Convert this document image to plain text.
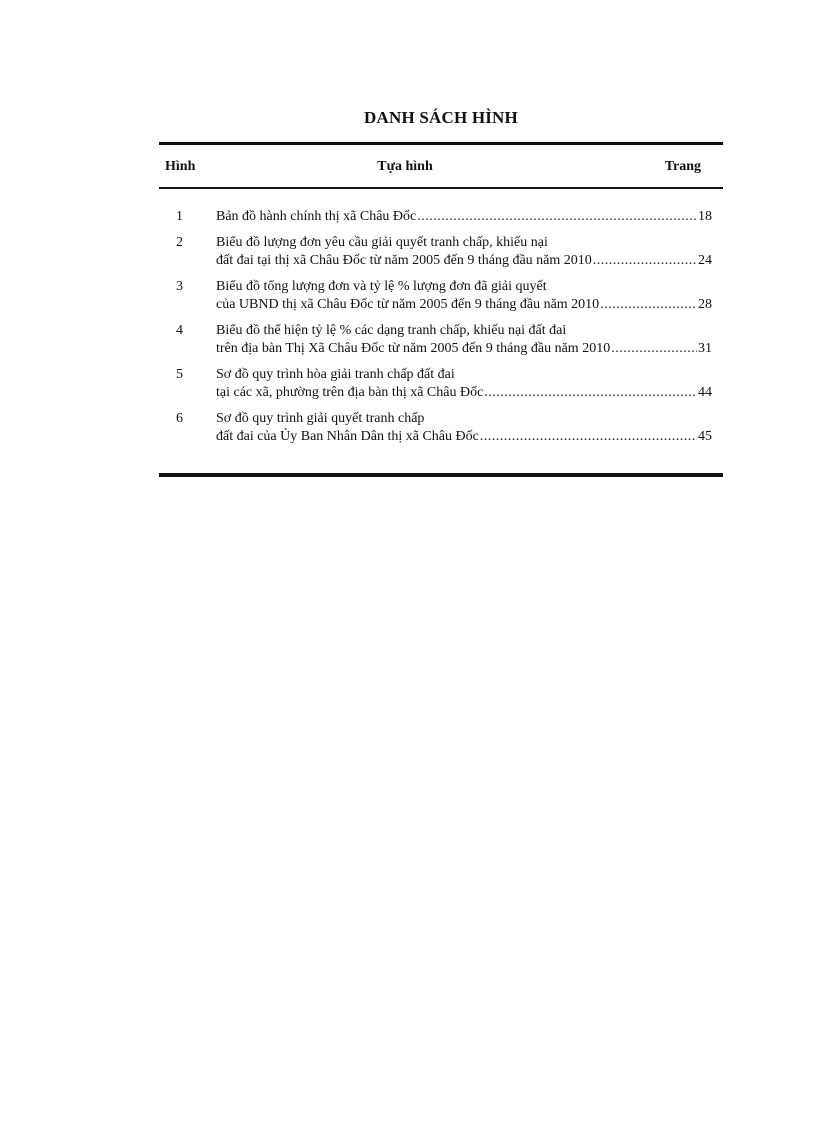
DANH SÁCH HÌNH
Hình	Tựa hình	Trang
1	Bản đồ hành chính thị xã Châu Đốc .....	18
2	Biểu đồ lượng đơn yêu cầu giải quyết tranh chấp, khiếu nại
đất đai tại thị xã Châu Đốc từ năm 2005 đến 9 tháng đầu năm 2010 .....	24
3	Biểu đồ tổng lượng đơn và tỷ lệ % lượng đơn đã giải quyết
của UBND thị xã Châu Đốc từ năm 2005 đến 9 tháng đầu năm 2010 .....	28
4	Biểu đồ thể hiện tỷ lệ % các dạng tranh chấp, khiếu nại đất đai
trên địa bàn Thị Xã Châu Đốc từ năm 2005 đến 9 tháng đầu năm 2010 .....	31
5	Sơ đồ quy trình hòa giải tranh chấp đất đai
tại các xã, phường trên địa bàn thị xã Châu Đốc .....	44
6	Sơ đồ quy trình giải quyết tranh chấp
đất đai của Ủy Ban Nhân Dân thị xã Châu Đốc .....	45
